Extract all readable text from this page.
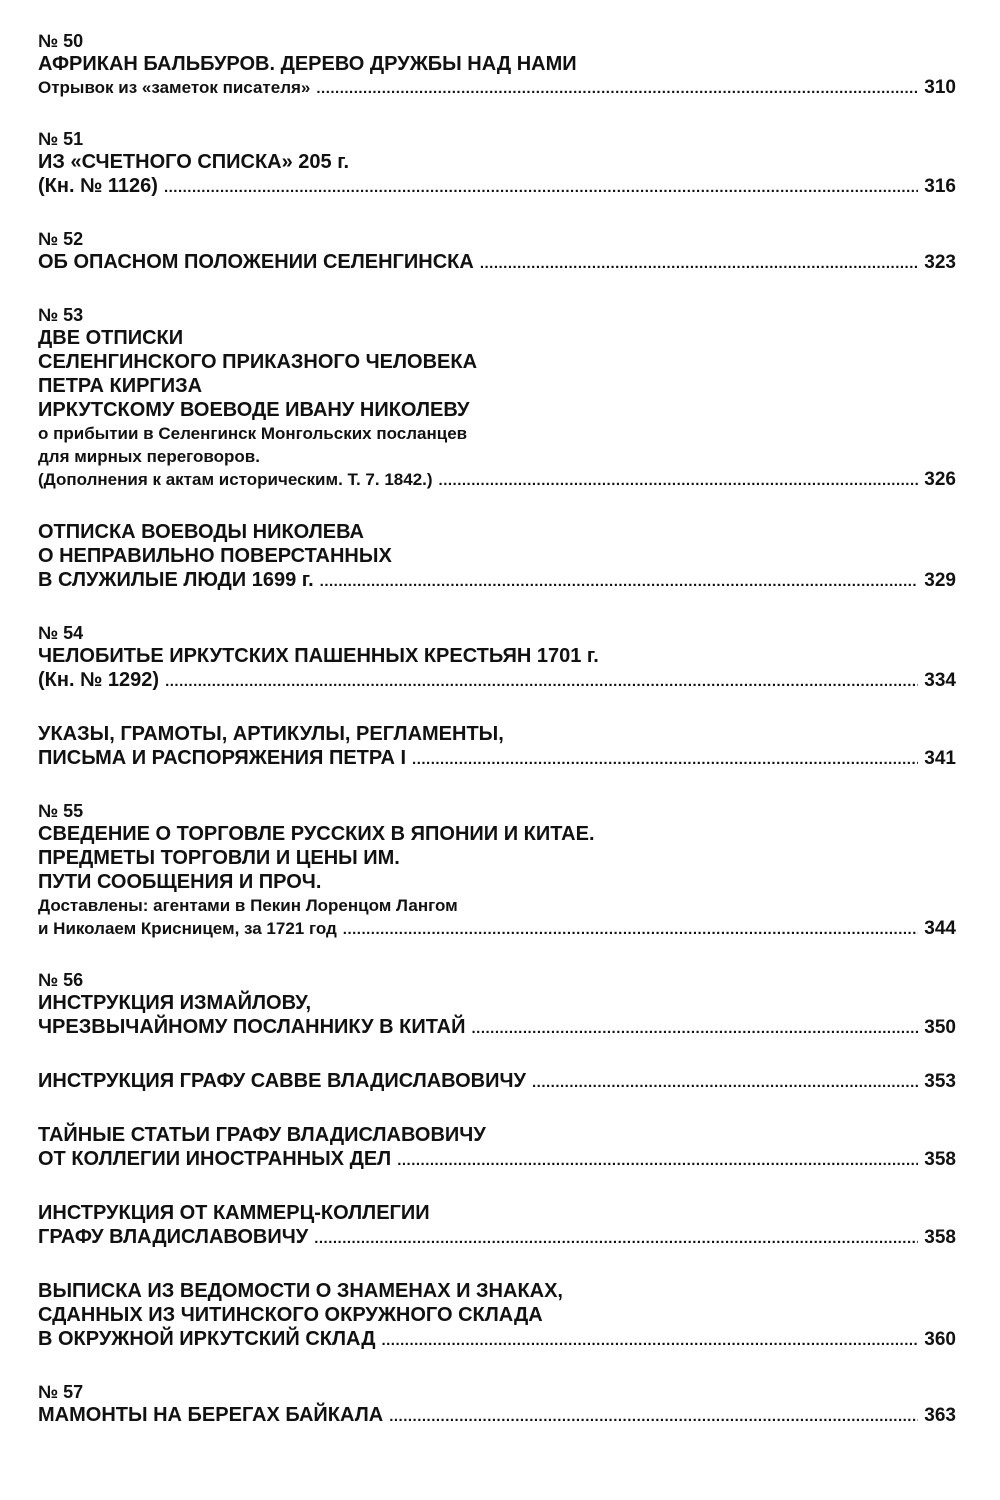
№ 50
АФРИКАН БАЛЬБУРОВ. ДЕРЕВО ДРУЖБЫ НАД НАМИ
Отрывок из «заметок писателя» .....	310
№ 51
ИЗ «СЧЕТНОГО СПИСКА» 205 г.
(Кн. № 1126) .....	316
№ 52
ОБ ОПАСНОМ ПОЛОЖЕНИИ СЕЛЕНГИНСКА .....	323
№ 53
ДВЕ ОТПИСКИ
СЕЛЕНГИНСКОГО ПРИКАЗНОГО ЧЕЛОВЕКА
ПЕТРА КИРГИЗА
ИРКУТСКОМУ ВОЕВОДЕ ИВАНУ НИКОЛЕВУ
о прибытии в Селенгинск Монгольских посланцев
для мирных переговоров.
(Дополнения к актам историческим. Т. 7. 1842.) .....	326
ОТПИСКА ВОЕВОДЫ НИКОЛЕВА
О НЕПРАВИЛЬНО ПОВЕРСТАННЫХ
В СЛУЖИЛЫЕ ЛЮДИ 1699 г. .....	329
№ 54
ЧЕЛОБИТЬЕ ИРКУТСКИХ ПАШЕННЫХ КРЕСТЬЯН 1701 г.
(Кн. № 1292) .....	334
УКАЗЫ, ГРАМОТЫ, АРТИКУЛЫ, РЕГЛАМЕНТЫ,
ПИСЬМА И РАСПОРЯЖЕНИЯ ПЕТРА I .....	341
№ 55
СВЕДЕНИЕ О ТОРГОВЛЕ РУССКИХ В ЯПОНИИ И КИТАЕ.
ПРЕДМЕТЫ ТОРГОВЛИ И ЦЕНЫ ИМ.
ПУТИ СООБЩЕНИЯ И ПРОЧ.
Доставлены: агентами в Пекин Лоренцом Лангом
и Николаем Крисницем, за 1721 год .....	344
№ 56
ИНСТРУКЦИЯ ИЗМАЙЛОВУ,
ЧРЕЗВЫЧАЙНОМУ ПОСЛАННИКУ В КИТАЙ .....	350
ИНСТРУКЦИЯ ГРАФУ САВВЕ ВЛАДИСЛАВОВИЧУ .....	353
ТАЙНЫЕ СТАТЬИ ГРАФУ ВЛАДИСЛАВОВИЧУ
ОТ КОЛЛЕГИИ ИНОСТРАННЫХ ДЕЛ .....	358
ИНСТРУКЦИЯ ОТ КАММЕРЦ-КОЛЛЕГИИ
ГРАФУ ВЛАДИСЛАВОВИЧУ .....	358
ВЫПИСКА ИЗ ВЕДОМОСТИ О ЗНАМЕНАХ И ЗНАКАХ,
СДАННЫХ ИЗ ЧИТИНСКОГО ОКРУЖНОГО СКЛАДА
В ОКРУЖНОЙ ИРКУТСКИЙ СКЛАД .....	360
№ 57
МАМОНТЫ НА БЕРЕГАХ БАЙКАЛА .....	363
